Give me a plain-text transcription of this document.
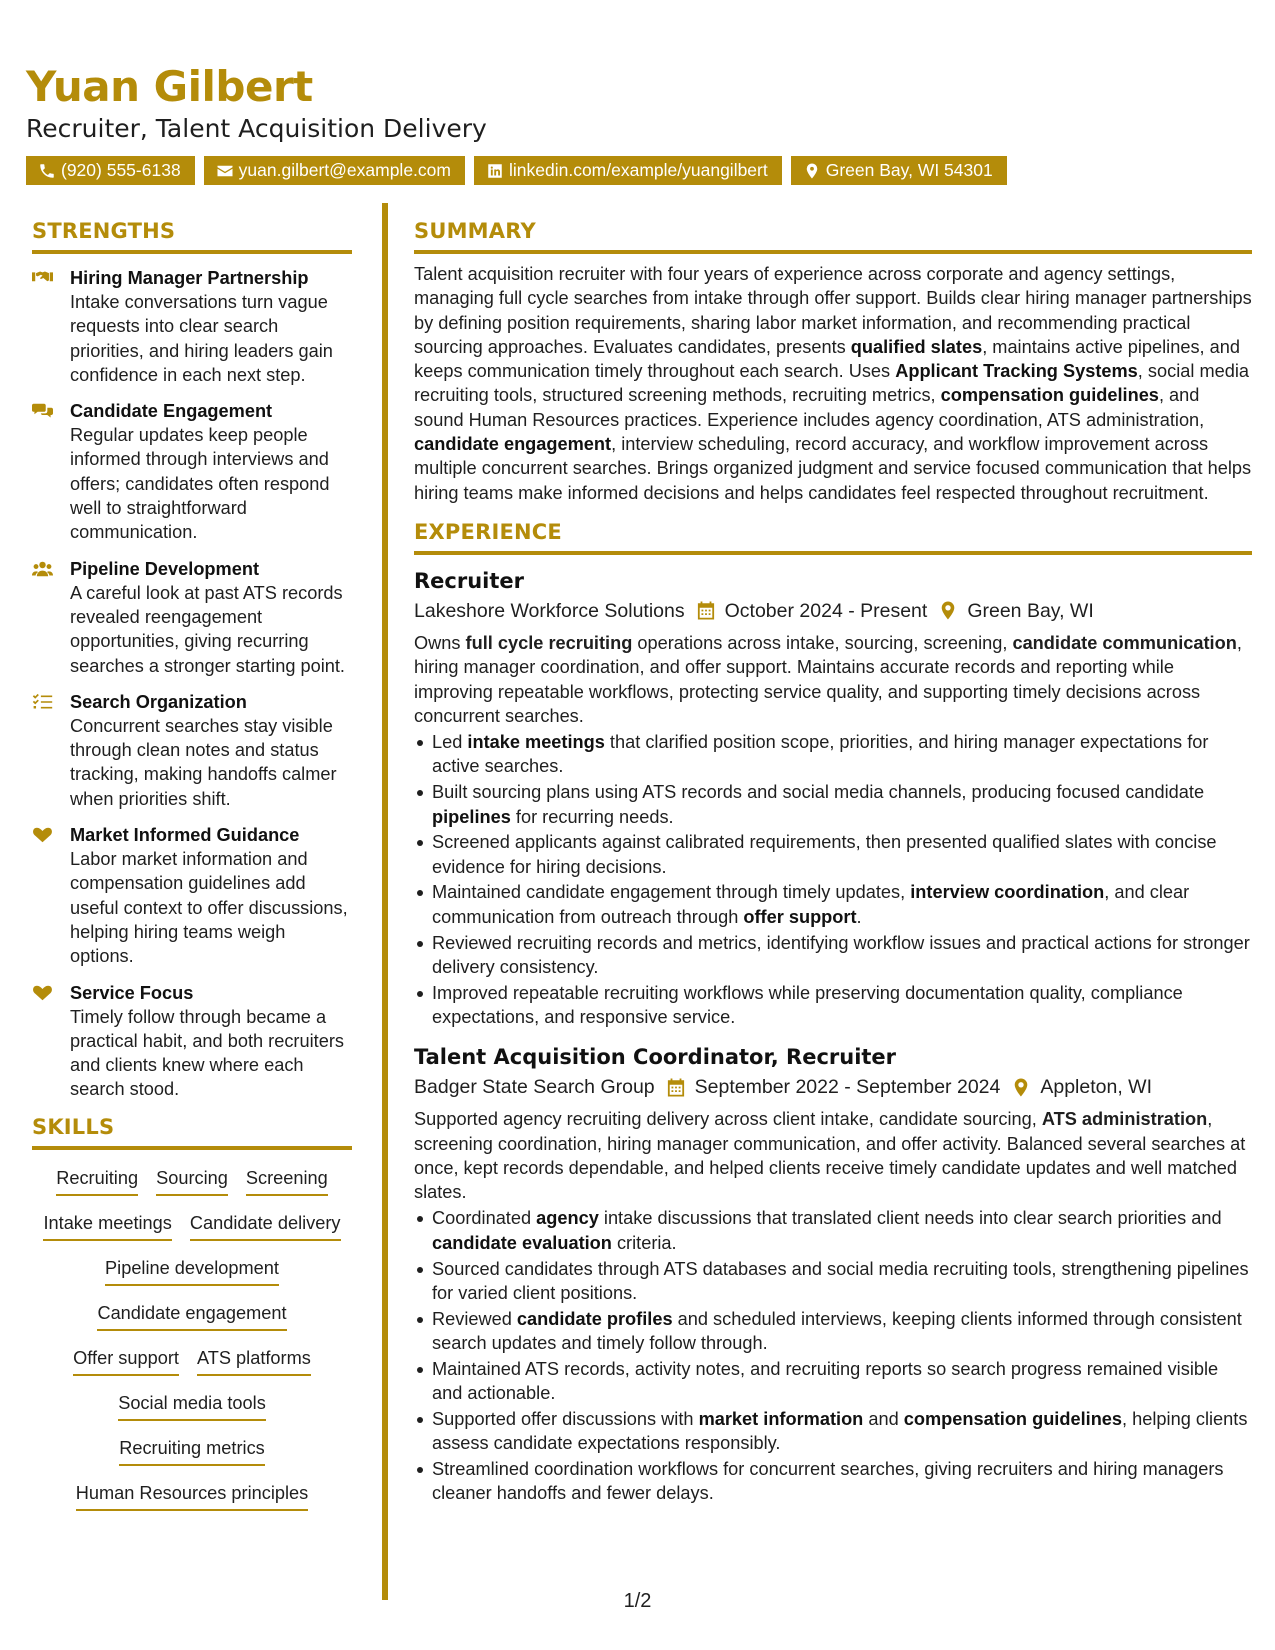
Yuan Gilbert
Recruiter, Talent Acquisition Delivery
(920) 555-6138	yuan.gilbert@example.com	linkedin.com/example/yuangilbert	Green Bay, WI 54301
STRENGTHS
Hiring Manager Partnership
Intake conversations turn vague requests into clear search priorities, and hiring leaders gain confidence in each next step.
Candidate Engagement
Regular updates keep people informed through interviews and offers; candidates often respond well to straightforward communication.
Pipeline Development
A careful look at past ATS records revealed reengagement opportunities, giving recurring searches a stronger starting point.
Search Organization
Concurrent searches stay visible through clean notes and status tracking, making handoffs calmer when priorities shift.
Market Informed Guidance
Labor market information and compensation guidelines add useful context to offer discussions, helping hiring teams weigh options.
Service Focus
Timely follow through became a practical habit, and both recruiters and clients knew where each search stood.
SKILLS
Recruiting Sourcing Screening
Intake meetings Candidate delivery
Pipeline development
Candidate engagement
Offer support ATS platforms
Social media tools
Recruiting metrics
Human Resources principles
SUMMARY
Talent acquisition recruiter with four years of experience across corporate and agency settings, managing full cycle searches from intake through offer support. Builds clear hiring manager partnerships by defining position requirements, sharing labor market information, and recommending practical sourcing approaches. Evaluates candidates, presents qualified slates, maintains active pipelines, and keeps communication timely throughout each search. Uses Applicant Tracking Systems, social media recruiting tools, structured screening methods, recruiting metrics, compensation guidelines, and sound Human Resources practices. Experience includes agency coordination, ATS administration, candidate engagement, interview scheduling, record accuracy, and workflow improvement across multiple concurrent searches. Brings organized judgment and service focused communication that helps hiring teams make informed decisions and helps candidates feel respected throughout recruitment.
EXPERIENCE
Recruiter
Lakeshore Workforce Solutions October 2024 - Present Green Bay, WI
Owns full cycle recruiting operations across intake, sourcing, screening, candidate communication, hiring manager coordination, and offer support. Maintains accurate records and reporting while improving repeatable workflows, protecting service quality, and supporting timely decisions across concurrent searches.
Led intake meetings that clarified position scope, priorities, and hiring manager expectations for active searches.
Built sourcing plans using ATS records and social media channels, producing focused candidate pipelines for recurring needs.
Screened applicants against calibrated requirements, then presented qualified slates with concise evidence for hiring decisions.
Maintained candidate engagement through timely updates, interview coordination, and clear communication from outreach through offer support.
Reviewed recruiting records and metrics, identifying workflow issues and practical actions for stronger delivery consistency.
Improved repeatable recruiting workflows while preserving documentation quality, compliance expectations, and responsive service.
Talent Acquisition Coordinator, Recruiter
Badger State Search Group September 2022 - September 2024 Appleton, WI
Supported agency recruiting delivery across client intake, candidate sourcing, ATS administration, screening coordination, hiring manager communication, and offer activity. Balanced several searches at once, kept records dependable, and helped clients receive timely candidate updates and well matched slates.
Coordinated agency intake discussions that translated client needs into clear search priorities and candidate evaluation criteria.
Sourced candidates through ATS databases and social media recruiting tools, strengthening pipelines for varied client positions.
Reviewed candidate profiles and scheduled interviews, keeping clients informed through consistent search updates and timely follow through.
Maintained ATS records, activity notes, and recruiting reports so search progress remained visible and actionable.
Supported offer discussions with market information and compensation guidelines, helping clients assess candidate expectations responsibly.
Streamlined coordination workflows for concurrent searches, giving recruiters and hiring managers cleaner handoffs and fewer delays.
1/2
